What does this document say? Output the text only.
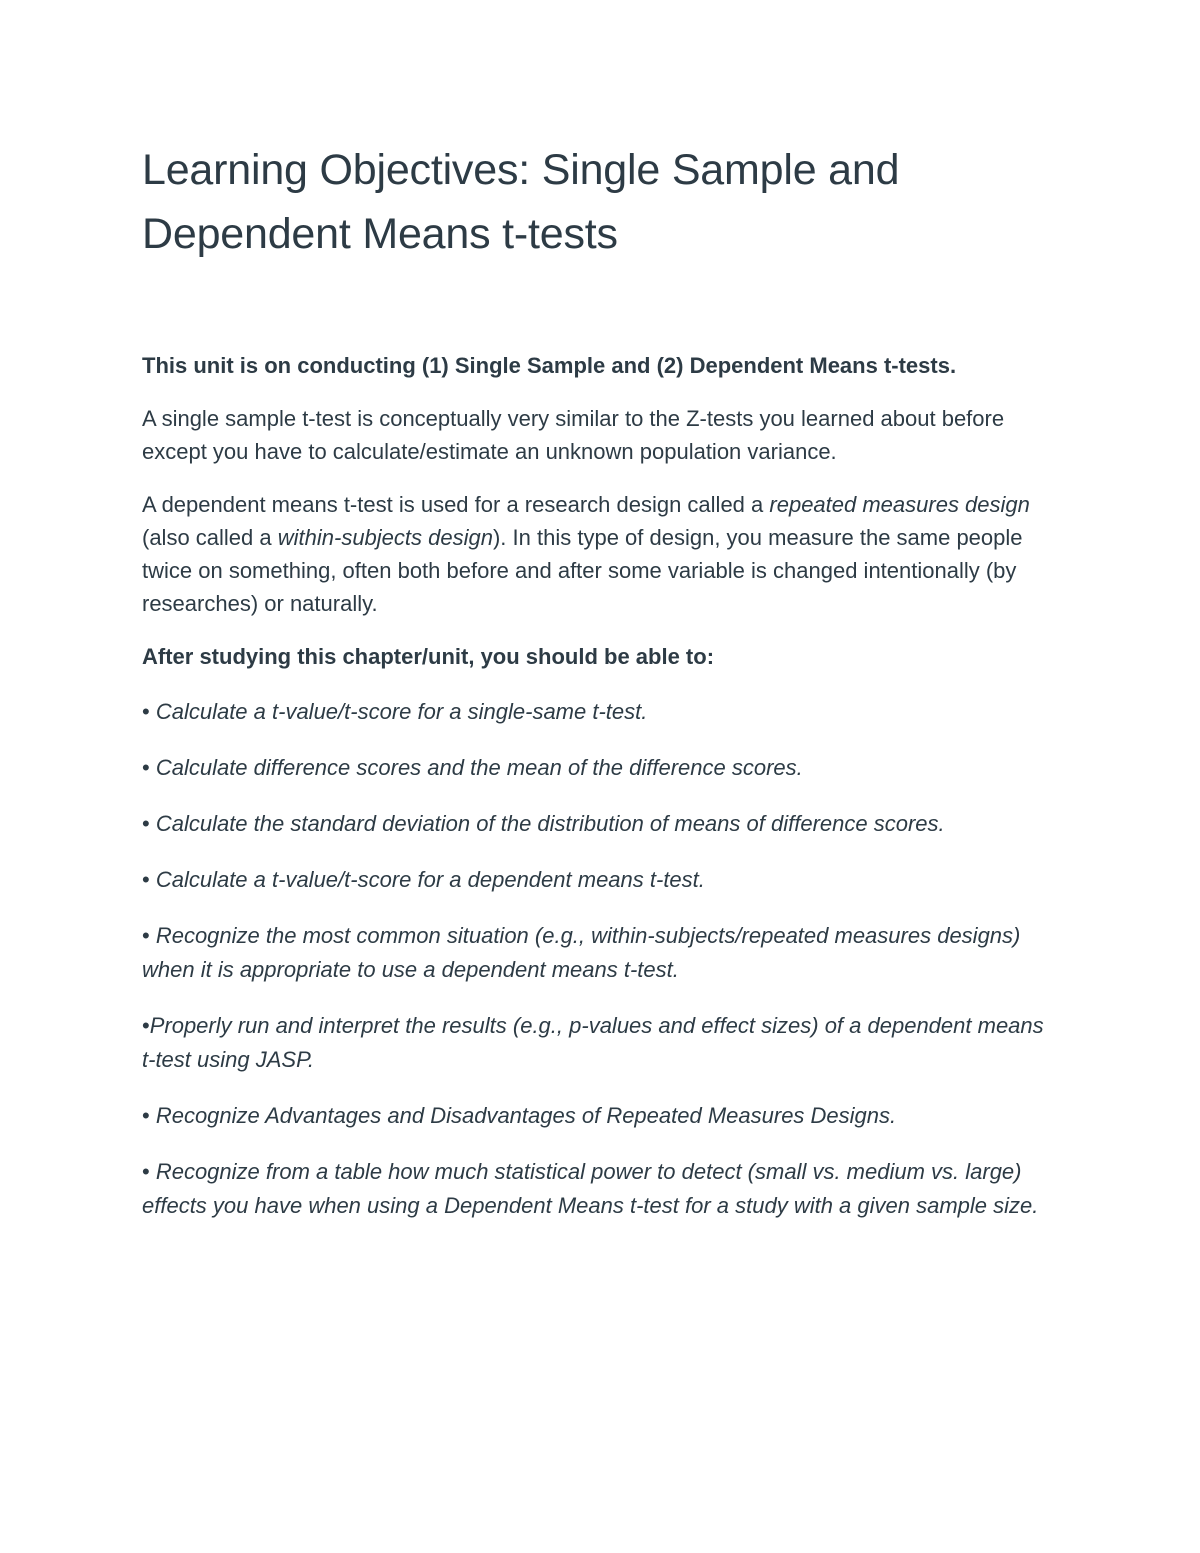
Learning Objectives: Single Sample and Dependent Means t-tests

This unit is on conducting (1) Single Sample and (2) Dependent Means t-tests.

A single sample t-test is conceptually very similar to the Z-tests you learned about before except you have to calculate/estimate an unknown population variance.

A dependent means t-test is used for a research design called a repeated measures design (also called a within-subjects design). In this type of design, you measure the same people twice on something, often both before and after some variable is changed intentionally (by researches) or naturally.

After studying this chapter/unit, you should be able to:

• Calculate a t-value/t-score for a single-same t-test.
• Calculate difference scores and the mean of the difference scores.
• Calculate the standard deviation of the distribution of means of difference scores.
• Calculate a t-value/t-score for a dependent means t-test.
• Recognize the most common situation (e.g., within-subjects/repeated measures designs) when it is appropriate to use a dependent means t-test.
•Properly run and interpret the results (e.g., p-values and effect sizes) of a dependent means t-test using JASP.
• Recognize Advantages and Disadvantages of Repeated Measures Designs.
• Recognize from a table how much statistical power to detect (small vs. medium vs. large) effects you have when using a Dependent Means t-test for a study with a given sample size.
